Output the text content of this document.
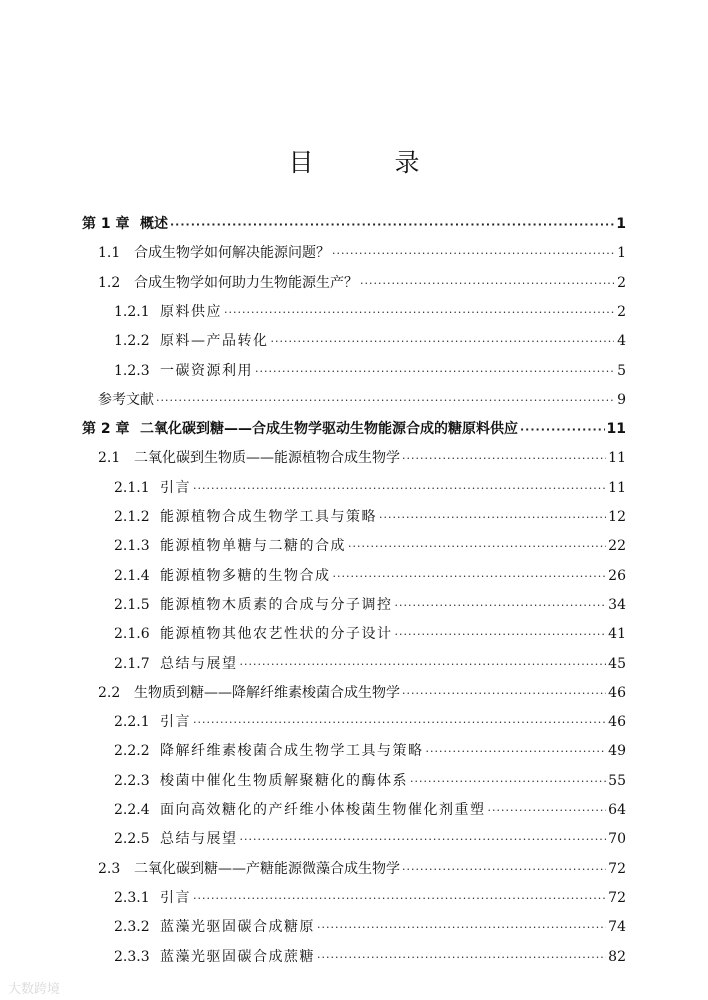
目　录
第 1 章 概述 ·····	1
1.1 合成生物学如何解决能源问题？ ·····	1
1.2 合成生物学如何助力生物能源生产？ ·····	2
1.2.1 原料供应 ·····	2
1.2.2 原料—产品转化 ·····	4
1.2.3 一碳资源利用 ·····	5
参考文献 ·····	9
第 2 章 二氧化碳到糖——合成生物学驱动生物能源合成的糖原料供应 ·····	11
2.1 二氧化碳到生物质——能源植物合成生物学 ·····	11
2.1.1 引言 ·····	11
2.1.2 能源植物合成生物学工具与策略 ·····	12
2.1.3 能源植物单糖与二糖的合成 ·····	22
2.1.4 能源植物多糖的生物合成 ·····	26
2.1.5 能源植物木质素的合成与分子调控 ·····	34
2.1.6 能源植物其他农艺性状的分子设计 ·····	41
2.1.7 总结与展望 ·····	45
2.2 生物质到糖——降解纤维素梭菌合成生物学 ·····	46
2.2.1 引言 ·····	46
2.2.2 降解纤维素梭菌合成生物学工具与策略 ·····	49
2.2.3 梭菌中催化生物质解聚糖化的酶体系 ·····	55
2.2.4 面向高效糖化的产纤维小体梭菌生物催化剂重塑 ·····	64
2.2.5 总结与展望 ·····	70
2.3 二氧化碳到糖——产糖能源微藻合成生物学 ·····	72
2.3.1 引言 ·····	72
2.3.2 蓝藻光驱固碳合成糖原 ·····	74
2.3.3 蓝藻光驱固碳合成蔗糖 ·····	82
大数跨境
